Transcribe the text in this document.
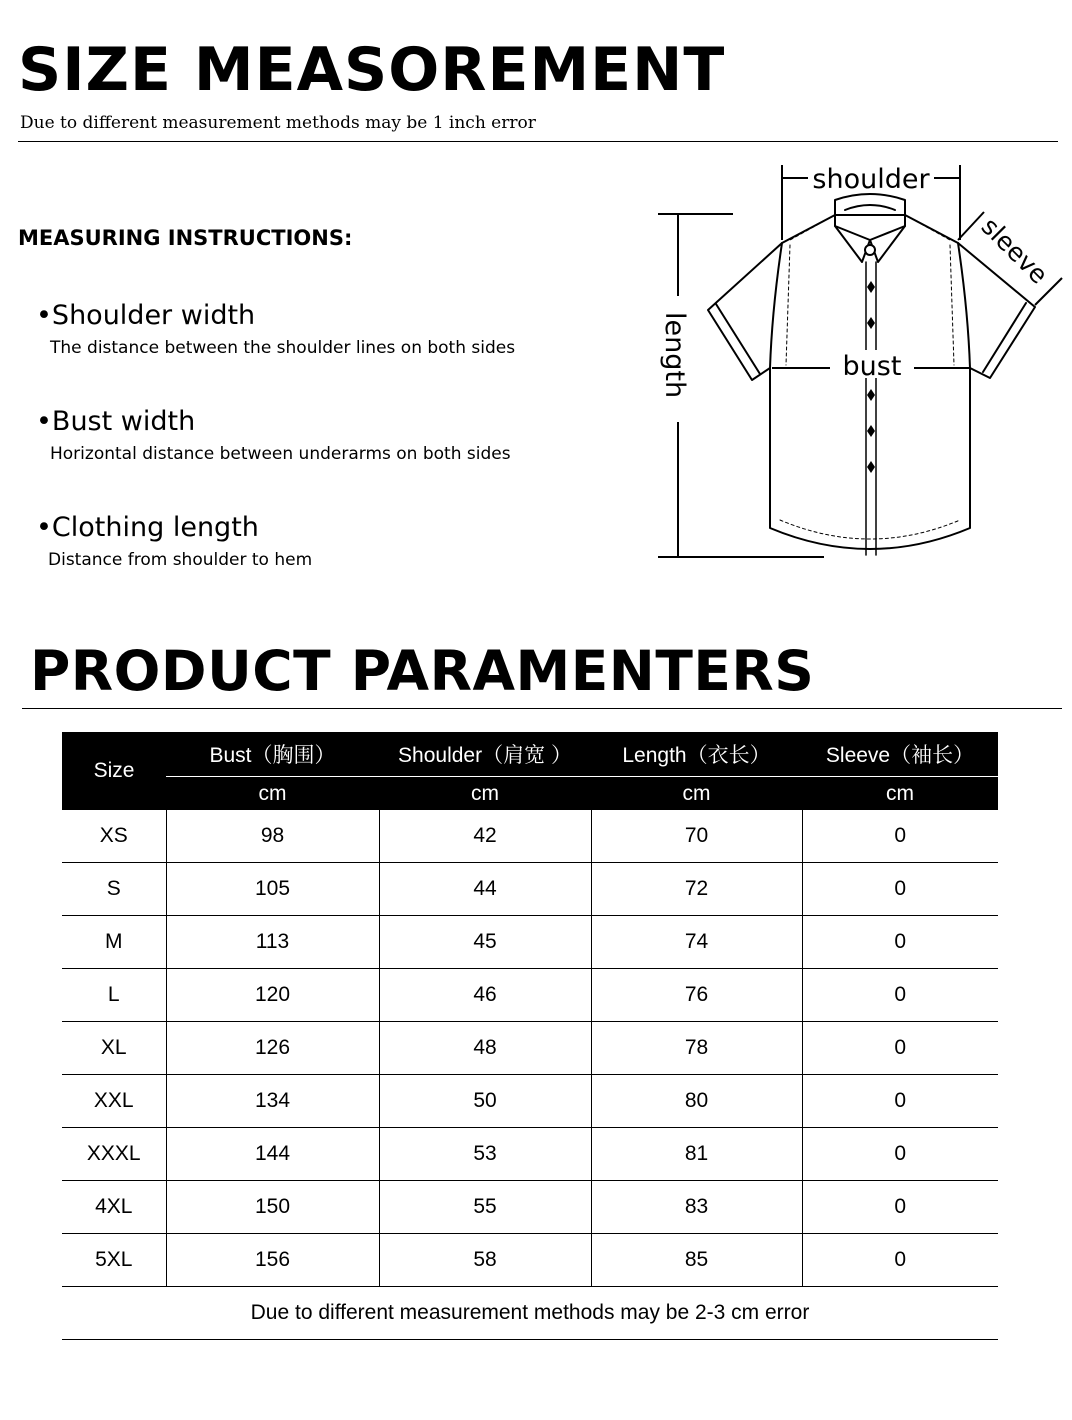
SIZE MEASOREMENT
Due to different measurement methods may be 1 inch error
MEASURING INSTRUCTIONS:
•Shoulder width
The distance between the shoulder lines on both sides
•Bust width
Horizontal distance between underarms on both sides
•Clothing length
Distance from shoulder to hem
shoulder
sleeve
length	bust
PRODUCT PARAMENTERS
Size	Bust（胸围）	Shoulder（肩宽 ）	Length（衣长）	Sleeve（袖长）
	cm	cm	cm	cm
XS	98	42	70	0
S	105	44	72	0
M	113	45	74	0
L	120	46	76	0
XL	126	48	78	0
XXL	134	50	80	0
XXXL	144	53	81	0
4XL	150	55	83	0
5XL	156	58	85	0
Due to different measurement methods may be 2-3 cm error				
